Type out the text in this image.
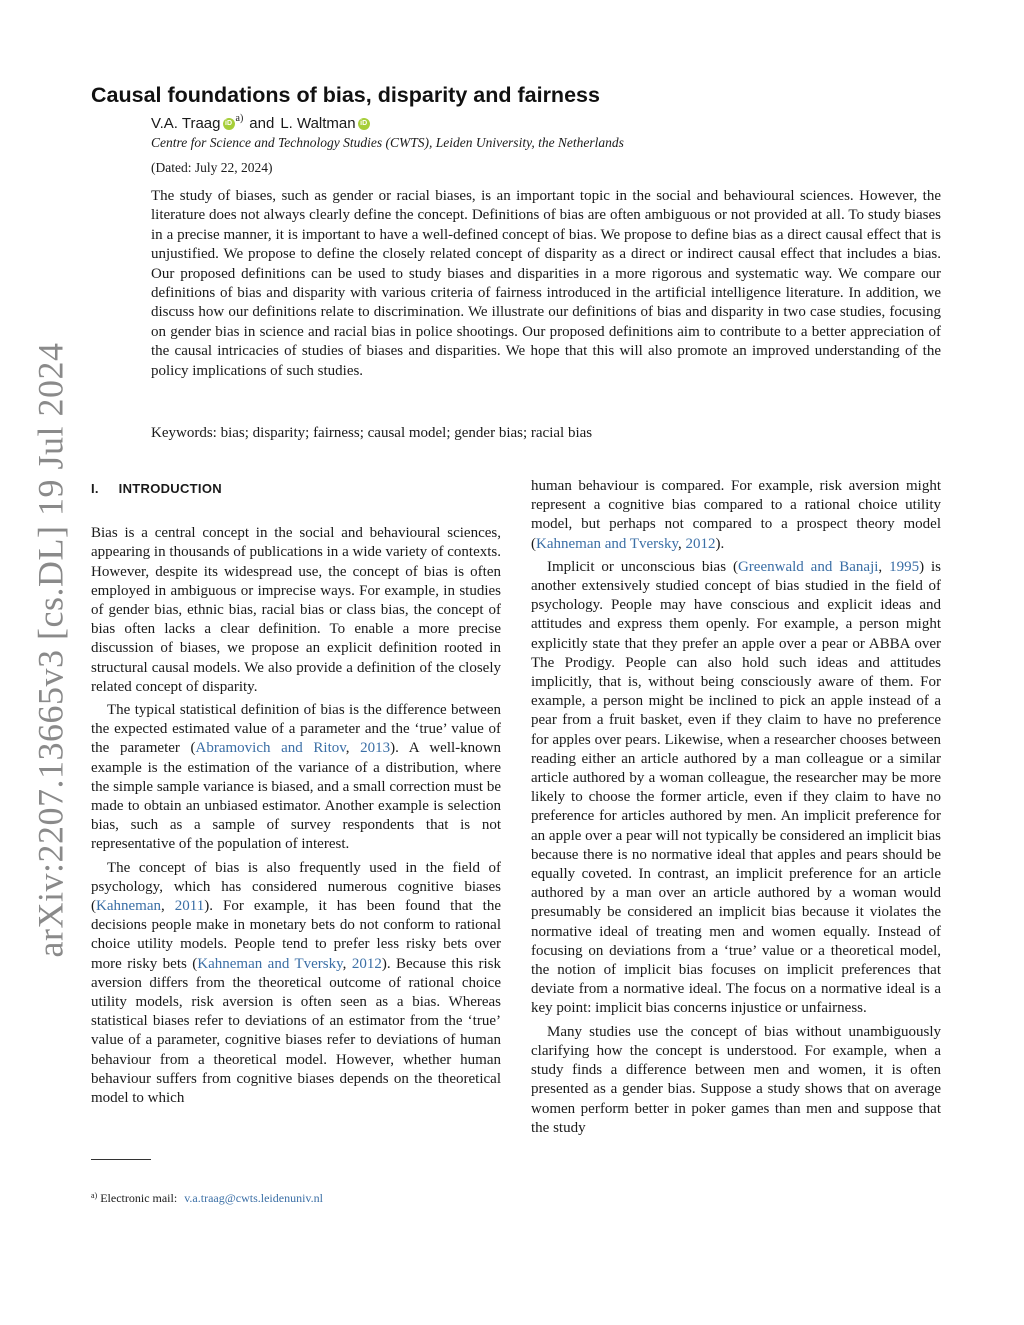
arXiv:2207.13665v3 [cs.DL] 19 Jul 2024
Causal foundations of bias, disparity and fairness
V.A. Traag iD a) and L. Waltman iD
Centre for Science and Technology Studies (CWTS), Leiden University, the Netherlands
(Dated: July 22, 2024)

The study of biases, such as gender or racial biases, is an important topic in the social and behavioural sciences. However, the literature does not always clearly define the concept. Definitions of bias are often ambiguous or not provided at all. To study biases in a precise manner, it is important to have a well-defined concept of bias. We propose to define bias as a direct causal effect that is unjustified. We propose to define the closely related concept of disparity as a direct or indirect causal effect that includes a bias. Our proposed definitions can be used to study biases and disparities in a more rigorous and systematic way. We compare our definitions of bias and disparity with various criteria of fairness introduced in the artificial intelligence literature. In addition, we discuss how our definitions relate to discrimination. We illustrate our definitions of bias and disparity in two case studies, focusing on gender bias in science and racial bias in police shootings. Our proposed definitions aim to contribute to a better appreciation of the causal intricacies of studies of biases and disparities. We hope that this will also promote an improved understanding of the policy implications of such studies.

Keywords: bias; disparity; fairness; causal model; gender bias; racial bias
I. INTRODUCTION

Bias is a central concept in the social and behavioural sciences, appearing in thousands of publications in a wide variety of contexts. However, despite its widespread use, the concept of bias is often employed in ambiguous or imprecise ways. For example, in studies of gender bias, ethnic bias, racial bias or class bias, the concept of bias often lacks a clear definition. To enable a more precise discussion of biases, we propose an explicit definition rooted in structural causal models. We also provide a definition of the closely related concept of disparity.

The typical statistical definition of bias is the difference between the expected estimated value of a parameter and the ‘true’ value of the parameter (Abramovich and Ritov, 2013). A well-known example is the estimation of the variance of a distribution, where the simple sample variance is biased, and a small correction must be made to obtain an unbiased estimator. Another example is selection bias, such as a sample of survey respondents that is not representative of the population of interest.

The concept of bias is also frequently used in the field of psychology, which has considered numerous cognitive biases (Kahneman, 2011). For example, it has been found that the decisions people make in monetary bets do not conform to rational choice utility models. People tend to prefer less risky bets over more risky bets (Kahneman and Tversky, 2012). Because this risk aversion differs from the theoretical outcome of rational choice utility models, risk aversion is often seen as a bias. Whereas statistical biases refer to deviations of an estimator from the ‘true’ value of a parameter, cognitive biases refer to deviations of human behaviour from a theoretical model. However, whether human behaviour suffers from cognitive biases depends on the theoretical model to which

human behaviour is compared. For example, risk aversion might represent a cognitive bias compared to a rational choice utility model, but perhaps not compared to a prospect theory model (Kahneman and Tversky, 2012).

Implicit or unconscious bias (Greenwald and Banaji, 1995) is another extensively studied concept of bias studied in the field of psychology. People may have conscious and explicit ideas and attitudes and express them openly. For example, a person might explicitly state that they prefer an apple over a pear or ABBA over The Prodigy. People can also hold such ideas and attitudes implicitly, that is, without being consciously aware of them. For example, a person might be inclined to pick an apple instead of a pear from a fruit basket, even if they claim to have no preference for apples over pears. Likewise, when a researcher chooses between reading either an article authored by a man colleague or a similar article authored by a woman colleague, the researcher may be more likely to choose the former article, even if they claim to have no preference for articles authored by men. An implicit preference for an apple over a pear will not typically be considered an implicit bias because there is no normative ideal that apples and pears should be equally coveted. In contrast, an implicit preference for an article authored by a man over an article authored by a woman would presumably be considered an implicit bias because it violates the normative ideal of treating men and women equally. Instead of focusing on deviations from a ‘true’ value or a theoretical model, the notion of implicit bias focuses on implicit preferences that deviate from a normative ideal. The focus on a normative ideal is a key point: implicit bias concerns injustice or unfairness.

Many studies use the concept of bias without unambiguously clarifying how the concept is understood. For example, when a study finds a difference between men and women, it is often presented as a gender bias. Suppose a study shows that on average women perform better in poker games than men and suppose that the study

$^{a)}$ Electronic mail: v.a.traag@cwts.leidenuniv.nl
